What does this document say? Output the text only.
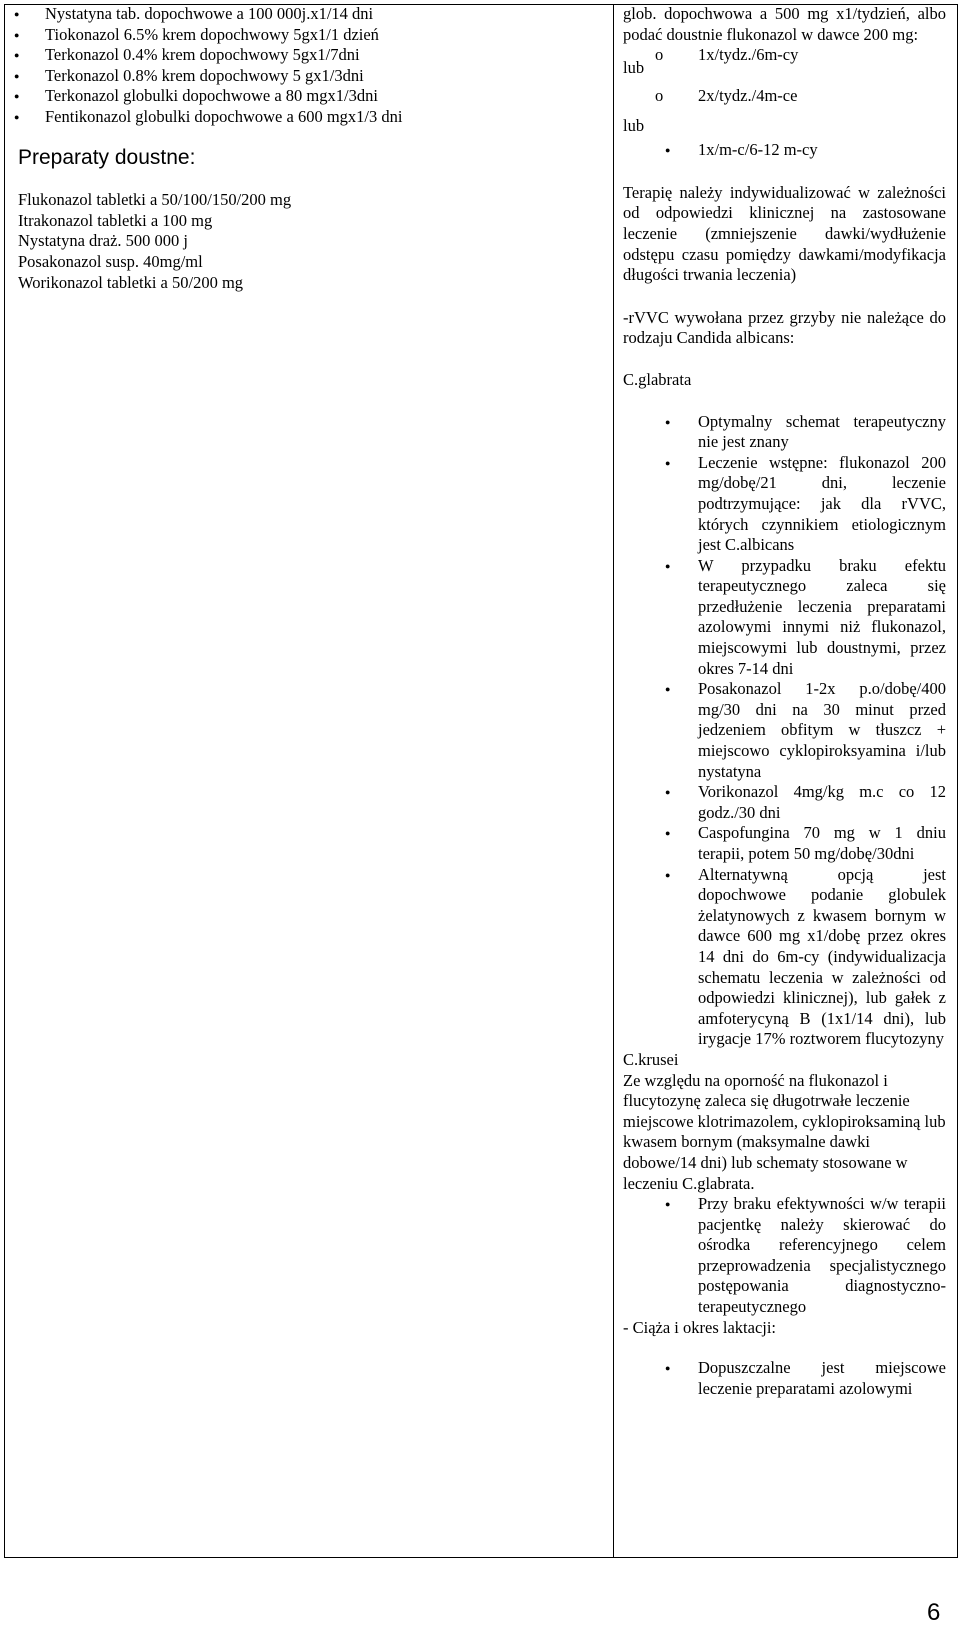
● Nystatyna tab. dopochwowe a 100 000j.x1/14 dni
● Tiokonazol 6.5% krem dopochwowy 5gx1/1 dzień
● Terkonazol 0.4% krem dopochwowy 5gx1/7dni
● Terkonazol 0.8% krem dopochwowy 5 gx1/3dni
● Terkonazol globulki dopochwowe a 80 mgx1/3dni
● Fentikonazol globulki dopochwowe a 600 mgx1/3 dni
Preparaty doustne:
Flukonazol tabletki a 50/100/150/200 mg
Itrakonazol tabletki a 100 mg
Nystatyna draż. 500 000 j
Posakonazol susp. 40mg/ml
Worikonazol tabletki a 50/200 mg
glob. dopochwowa a 500 mg x1/tydzień, albo podać doustnie flukonazol w dawce 200 mg:
o 1x/tydz./6m-cy
lub
o 2x/tydz./4m-ce
lub
● 1x/m-c/6-12 m-cy
Terapię należy indywidualizować w zależności od odpowiedzi klinicznej na zastosowane leczenie (zmniejszenie dawki/wydłużenie odstępu czasu pomiędzy dawkami/modyfikacja długości trwania leczenia)
-rVVC wywołana przez grzyby nie należące do rodzaju Candida albicans:
C.glabrata
● Optymalny schemat terapeutyczny nie jest znany
● Leczenie wstępne: flukonazol 200 mg/dobę/21 dni, leczenie podtrzymujące: jak dla rVVC, których czynnikiem etiologicznym jest C.albicans
● W przypadku braku efektu terapeutycznego zaleca się przedłużenie leczenia preparatami azolowymi innymi niż flukonazol, miejscowymi lub doustnymi, przez okres 7-14 dni
● Posakonazol 1-2x p.o/dobę/400 mg/30 dni na 30 minut przed jedzeniem obfitym w tłuszcz + miejscowo cyklopiroksyamina i/lub nystatyna
● Vorikonazol 4mg/kg m.c co 12 godz./30 dni
● Caspofungina 70 mg w 1 dniu terapii, potem 50 mg/dobę/30dni
● Alternatywną opcją jest dopochwowe podanie globulek żelatynowych z kwasem bornym w dawce 600 mg x1/dobę przez okres 14 dni do 6m-cy (indywidualizacja schematu leczenia w zależności od odpowiedzi klinicznej), lub gałek z amfoterycyną B (1x1/14 dni), lub irygacje 17% roztworem flucytozyny
C.krusei
Ze względu na oporność na flukonazol i flucytozynę zaleca się długotrwałe leczenie miejscowe klotrimazolem, cyklopiroksaminą lub kwasem bornym (maksymalne dawki dobowe/14 dni) lub schematy stosowane w leczeniu C.glabrata.
● Przy braku efektywności w/w terapii pacjentkę należy skierować do ośrodka referencyjnego celem przeprowadzenia specjalistycznego postępowania diagnostyczno-terapeutycznego
- Ciąża i okres laktacji:
● Dopuszczalne jest miejscowe leczenie preparatami azolowymi
6
